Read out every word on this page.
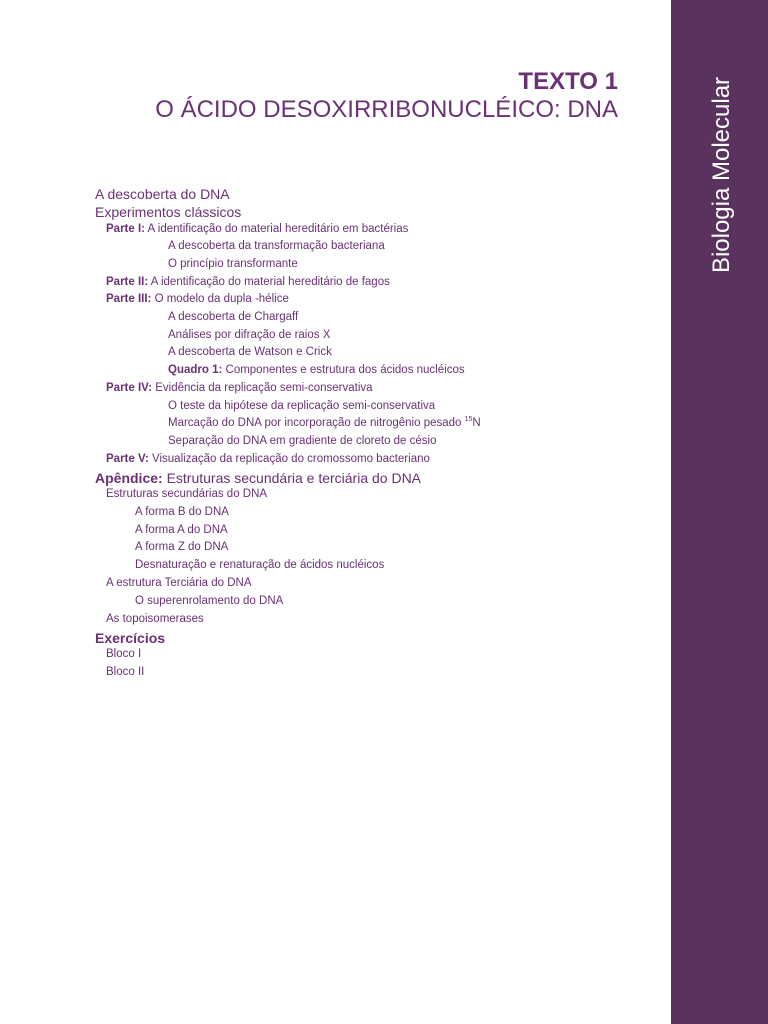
Biologia Molecular
TEXTO 1
O ÁCIDO DESOXIRRIBONUCLÉICO: DNA
A descoberta do DNA
Experimentos clássicos
Parte I: A identificação do material hereditário em bactérias
A descoberta da transformação bacteriana
O princípio transformante
Parte II: A identificação do material hereditário de fagos
Parte III: O modelo da dupla -hélice
A descoberta de Chargaff
Análises por difração de raios X
A descoberta de Watson e Crick
Quadro 1: Componentes e estrutura dos ácidos nucléicos
Parte IV: Evidência da replicação semi-conservativa
O teste da hipótese da replicação semi-conservativa
Marcação do DNA por incorporação de nitrogênio pesado $^{15}$N
Separação do DNA em gradiente de cloreto de césio
Parte V: Visualização da replicação do cromossomo bacteriano
Apêndice: Estruturas secundária e terciária do DNA
Estruturas secundárias do DNA
A forma B do DNA
A forma A do DNA
A forma Z do DNA
Desnaturação e renaturação de ácidos nucléicos
A estrutura Terciária do DNA
O superenrolamento do DNA
As topoisomerases
Exercícios
Bloco I
Bloco II
